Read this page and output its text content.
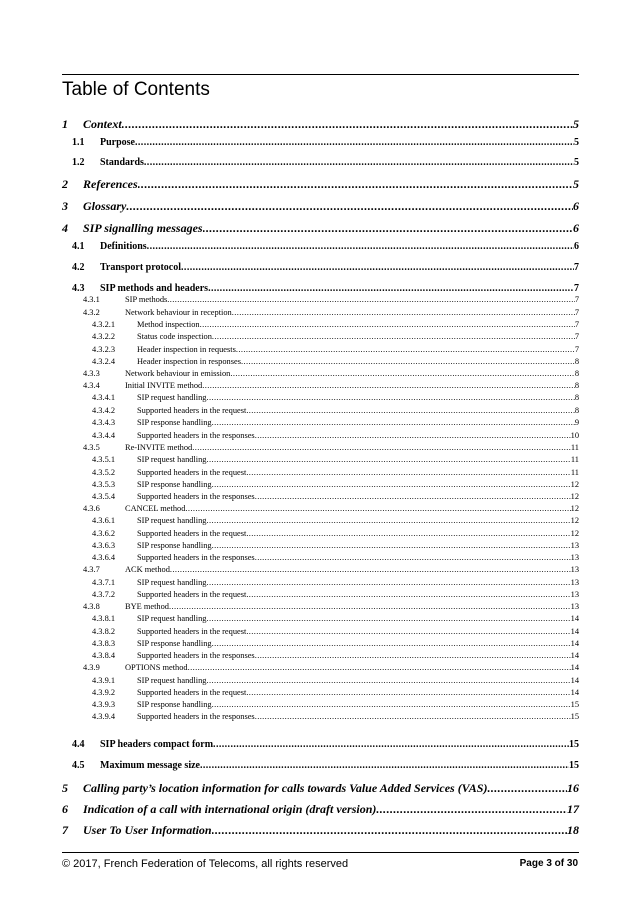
Table of Contents
1	Context .....	5
1.1	Purpose .....	5
1.2	Standards .....	5
2	References .....	5
3	Glossary .....	6
4	SIP signalling messages .....	6
4.1	Definitions .....	6
4.2	Transport protocol .....	7
4.3	SIP methods and headers .....	7
4.3.1	SIP methods .....	7
4.3.2	Network behaviour in reception .....	7
4.3.2.1	Method inspection .....	7
4.3.2.2	Status code inspection .....	7
4.3.2.3	Header inspection in requests .....	7
4.3.2.4	Header inspection in responses .....	8
4.3.3	Network behaviour in emission .....	8
4.3.4	Initial INVITE method .....	8
4.3.4.1	SIP request handling .....	8
4.3.4.2	Supported headers in the request .....	8
4.3.4.3	SIP response handling .....	9
4.3.4.4	Supported headers in the responses .....	10
4.3.5	Re-INVITE method .....	11
4.3.5.1	SIP request handling .....	11
4.3.5.2	Supported headers in the request .....	11
4.3.5.3	SIP response handling .....	12
4.3.5.4	Supported headers in the responses .....	12
4.3.6	CANCEL method .....	12
4.3.6.1	SIP request handling .....	12
4.3.6.2	Supported headers in the request .....	12
4.3.6.3	SIP response handling .....	13
4.3.6.4	Supported headers in the responses .....	13
4.3.7	ACK method .....	13
4.3.7.1	SIP request handling .....	13
4.3.7.2	Supported headers in the request .....	13
4.3.8	BYE method .....	13
4.3.8.1	SIP request handling .....	14
4.3.8.2	Supported headers in the request .....	14
4.3.8.3	SIP response handling .....	14
4.3.8.4	Supported headers in the responses .....	14
4.3.9	OPTIONS method .....	14
4.3.9.1	SIP request handling .....	14
4.3.9.2	Supported headers in the request .....	14
4.3.9.3	SIP response handling .....	15
4.3.9.4	Supported headers in the responses .....	15
4.4	SIP headers compact form .....	15
4.5	Maximum message size .....	15
5	Calling party’s location information for calls towards Value Added Services (VAS) .....	16
6	Indication of a call with international origin (draft version) .....	17
7	User To User Information .....	18
© 2017, French Federation of Telecoms, all rights reserved	Page 3 of 30
